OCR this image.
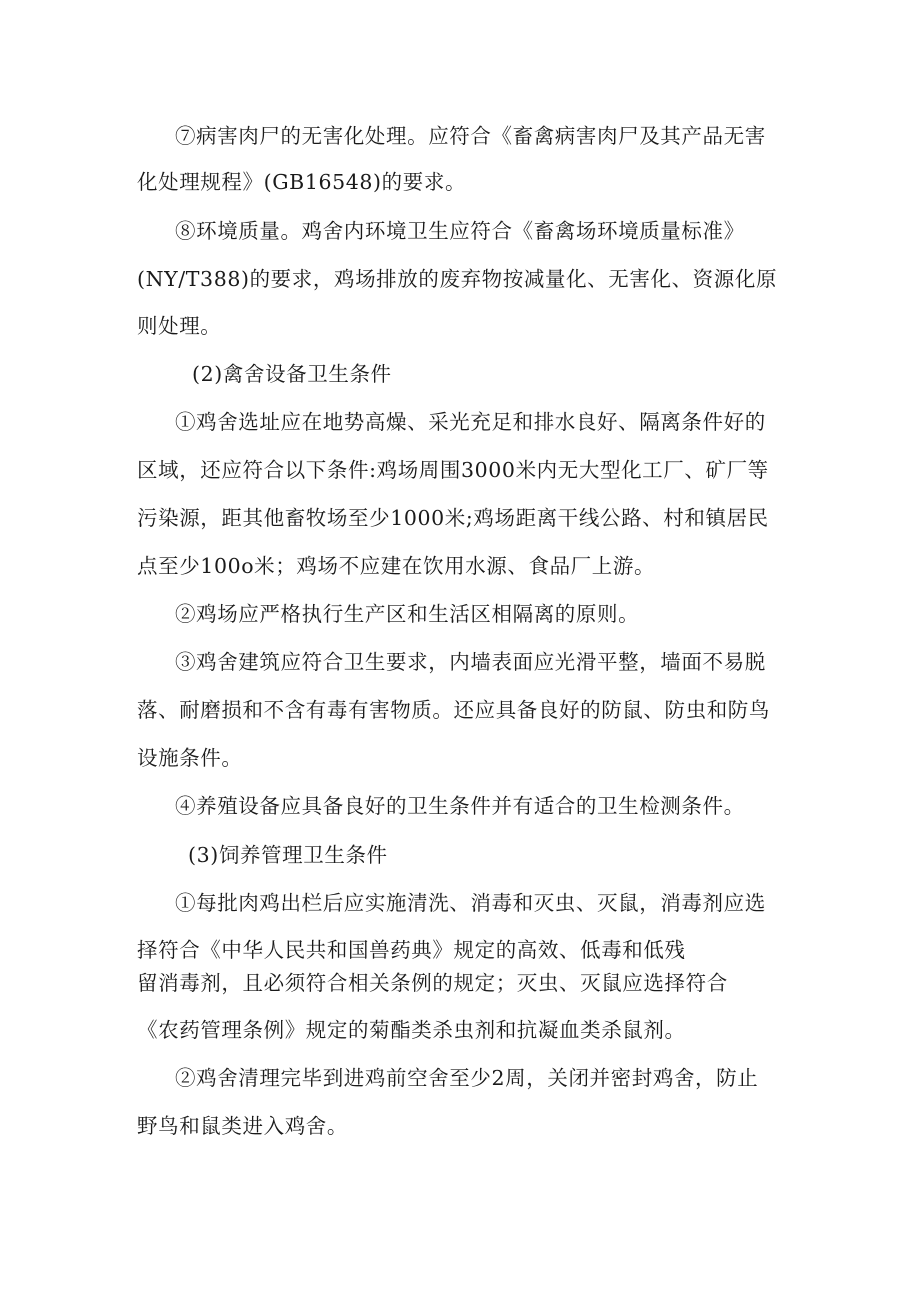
⑦病害肉尸的无害化处理。应符合《畜禽病害肉尸及其产品无害
化处理规程》(GB16548)的要求。
⑧环境质量。鸡舍内环境卫生应符合《畜禽场环境质量标准》
(NY/T388)的要求，鸡场排放的废弃物按减量化、无害化、资源化原
则处理。
(2)禽舍设备卫生条件
①鸡舍选址应在地势高燥、采光充足和排水良好、隔离条件好的
区域，还应符合以下条件:鸡场周围3000米内无大型化工厂、矿厂等
污染源，距其他畜牧场至少1000米;鸡场距离干线公路、村和镇居民
点至少100o米；鸡场不应建在饮用水源、食品厂上游。
②鸡场应严格执行生产区和生活区相隔离的原则。
③鸡舍建筑应符合卫生要求，内墙表面应光滑平整，墙面不易脱
落、耐磨损和不含有毒有害物质。还应具备良好的防鼠、防虫和防鸟
设施条件。
④养殖设备应具备良好的卫生条件并有适合的卫生检测条件。
(3)饲养管理卫生条件
①每批肉鸡出栏后应实施清洗、消毒和灭虫、灭鼠，消毒剂应选
择符合《中华人民共和国兽药典》规定的高效、低毒和低残
留消毒剂，且必须符合相关条例的规定；灭虫、灭鼠应选择符合
《农药管理条例》规定的菊酯类杀虫剂和抗凝血类杀鼠剂。
②鸡舍清理完毕到进鸡前空舍至少2周，关闭并密封鸡舍，防止
野鸟和鼠类进入鸡舍。
